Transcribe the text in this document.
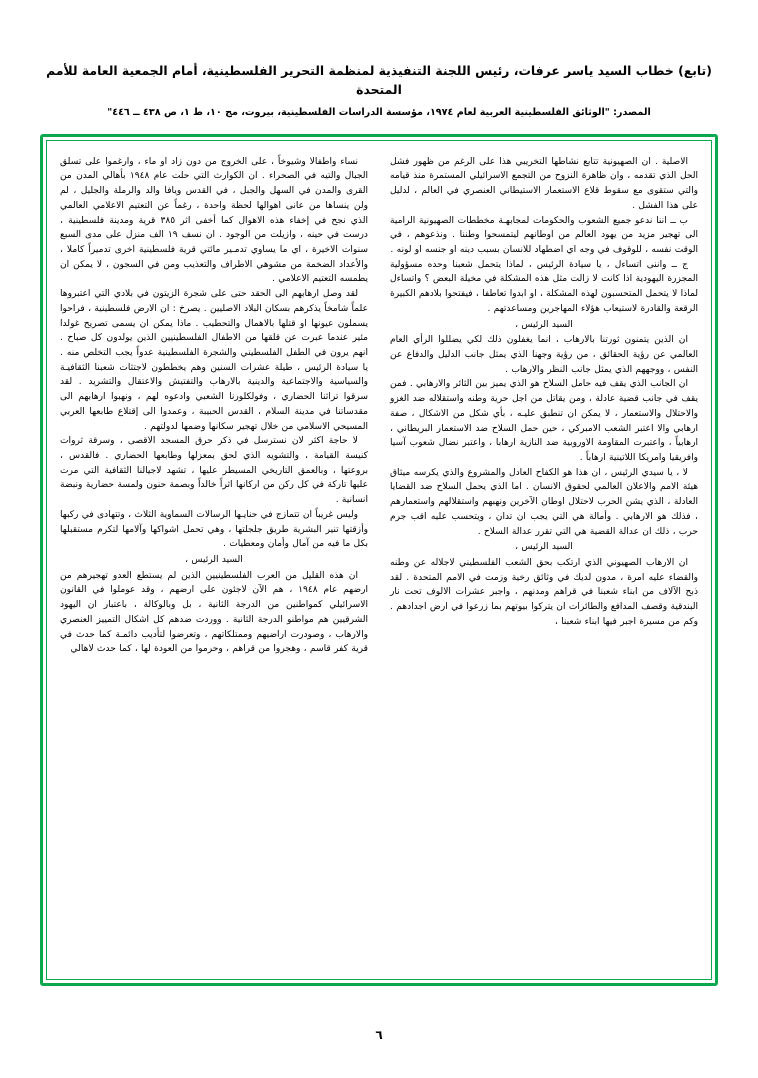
(تابع) خطاب السيد ياسر عرفات، رئيس اللجنة التنفيذية لمنظمة التحرير الفلسطينية، أمام الجمعية العامة للأمم المتحدة
المصدر: "الوثائق الفلسطينية العربية لعام ١٩٧٤، مؤسسة الدراسات الفلسطينية، بيروت، مج ١٠، ط ١، ص ٤٣٨ ــ ٤٤٦"

الاصلية . ان الصهيونية تتابع نشاطها التخريبي هذا على الرغم من ظهور فشل الحل الذي تقدمه ، وان ظاهرة النزوح من التجمع الاسرائيلي المستمرة منذ قيامه والتي ستقوى مع سقوط قلاع الاستعمار الاستيطاني العنصري في العالم ، لدليل على هذا الفشل .

ب ــ اننا ندعو جميع الشعوب والحكومات لمجابهـة مخططات الصهيونية الرامية الى تهجير مزيد من يهود العالم من اوطانهم ليتمسحوا وطننا . ونذعوهم ، في الوقت نفسه ، للوقوف في وجه اي اضطهاد للانسان بسبب دينه او جنسه او لونه .

ج ــ واننى اتساءل ، يا سيادة الرئيس ، لماذا يتحمل شعبنا وحده مسؤولية المجزرة اليهودية اذا كانت لا زالت مثل هذه المشكلة في مخيلة البعض ؟ واتساءل لماذا لا يتحمل المتحسبون لهذه المشكلة ، او ابدوا تعاطفا ، فيفتحوا بلادهم الكبيرة الرقعة والقادرة لاستيعاب هؤلاء المهاجرين ومساعدتهم .

السيد الرئيس ،

ان الذين يتمنون ثورتنا بالارهاب ، انما يغفلون ذلك لكي يضللوا الرأي العام العالمي عن رؤية الحقائق ، من رؤية وجهنا الذي يمثل جانب الدليل والدفاع عن النفس ، ووجههم الذي يمثل جانب النظر والارهاب .

ان الجانب الذي يقف فيه حامل السلاح هو الذي يميز بين الثائر والارهابي . فمن يقف في جانب قضية عادلة ، ومن يقاتل من اجل حرية وطنه واستقلاله ضد الغزو والاحتلال والاستعمار ، لا يمكن ان تنطبق عليـه ، بأي شكل من الاشكال ، صفة ارهابي والا اعتبر الشعب الامبركي ، حين حمل السلاح ضد الاستعمار البريطاني ، ارهابياً ، واعتبرت المقاومة الاوروبية ضد النازية ارهابا ، واعتبر نضال شعوب آسيا وافريقيا وامريكا اللاتينية ارهاباً .

لا ، يا سيدي الرئيس ، ان هذا هو الكفاح العادل والمشروع والذي يكرسه ميثاق هيئة الامم والاعلان العالمي لحقوق الانسان . اما الذي يحمل السلاح ضد القضايا العادلة ، الذي يشن الحرب لاحتلال اوطان الآخرين ونهبهم واستقلالهم واستعمارهم ، فذلك هو الارهابي . وأمالة هي التي يجب ان تدان ، ويتحسب عليه اقب جرم حرب ، ذلك ان عدالة القضية هي التي تقرر عدالة السلاح .

السيد الرئيس ،

ان الارهاب الصهيوني الذي ارتكب بحق الشعب الفلسطيني لاجلاله عن وطنه والقضاء عليه امرة ، مدون لديك في وثائق رخية وزمت في الامم المتحدة . لقد ذبح الآلاف من ابناء شعبنا في قراهم ومدنهم ، واجبر عشرات الالوف تحت نار البندقية وقصف المدافع والطائرات ان يتركوا بيوتهم بما زرعوا في ارض اجدادهم . وكم من مسيرة اجبر فيها ابناء شعبنا ،

نساء واطفالا وشيوخاً ، على الخروج من دون زاد او ماء ، وارغموا على تسلق الجبال والتيه في الصحراء . ان الكوارث التي حلت عام ١٩٤٨ بأهالي المدن من القرى والمدن في السهل والجبل ، في القدس ويافا والد والرملة والجليل ، لم ولن ينساها من عانى اهوالها لحظة واحدة ، رغماً عن التعتيم الاعلامي العالمي الذي نجح في إخفاء هذه الاهوال كما أخفى اثر ٣٨٥ قرية ومدينة فلسطينية ، درست في حينه ، وازيلت من الوجود . ان نسف ١٩ الف منزل على مدى السبع سنوات الاخيرة ، اي ما يساوي تدمـير مائتي قرية فلسطينية اخرى تدميراً كاملا ، والأعداد الضخمة من مشوهي الاطراف والتعذيب ومن في السجون ، لا يمكن ان يطمسه التعتيم الاعلامي .

لقد وصل ارهابهم الى الحقد حتى على شجرة الزيتون في بلادي التي اعتبروها علماً شامخاً يذكرهم بسكان البلاد الاصليين . يصرخ : ان الارض فلسطينية ، فراحوا يسملون عيونها او قتلها بالاهمال والتحطيب . ماذا يمكن ان يسمى تصريح غولدا مئير عندما عبرت عن قلقها من الاطفال الفلسطينيين الذين يولدون كل صباح . انهم يرون في الطفل الفلسطيني والشجرة الفلسطينية عدواً يجب التخلص منه . يا سيادة الرئيس ، طيلة عشرات السنين وهم يخططون لاجتثات شعبنا الثقافيـة والسياسية والاجتماعية والدينية بالارهاب والتفتيش والاعتقال والتشريد . لقد سرقوا تراثنا الحضاري ، وفولكلورنا الشعبي وادعوه لهم ، ونهبوا ارهابهم الى مقدساتنا في مدينة السلام ، القدس الحبيبة ، وعمدوا الى إقتلاع طابعها العربي المسيحي الاسلامي من خلال تهجير سكانها وضمها لدولتهم .

لا حاجة اكثر لان نسترسل في ذكر حرق المسجد الاقصى ، وسرقة ثروات كنيسة القيامة ، والتشويه الذي لحق بمعزلها وطابعها الحضاري . فالقدس ، بروعتها ، وبالعمق التاريخي المسيطر عليها ، تشهد لاجيالنا الثقافية التي مرت عليها تاركة في كل ركن من اركانها اثراً خالداً وبصمة حنون ولمسة حضارية ونبضة انسانية .

وليس غريباً ان تتمازج في حنايـها الرسالات السماوية الثلاث ، وتتهادى في ركبها وأزقتها تنير البشرية طريق جلجلتها ، وهي تحمل اشواكها وآلامها لتكرم مستقبلها بكل ما فيه من آمال وأمان ومعطيات .

السيد الرئيس ،

ان هذه القليل من العرب الفلسطينيين الذين لم يستطع العدو تهجيرهم من ارضهم عام ١٩٤٨ ، هم الآن لاجئون على ارضهم ، وقد عوملوا في القانون الاسرائيلي كمواطنين من الدرجة الثانية ، بل وبالوكالة ، باعتبار ان اليهود الشرقيين هم مواطنو الدرجة الثانية . ووردت ضدهم كل اشكال التمييز العنصري والارهاب ، وصودرت اراضيهم وممتلكاتهم ، وتعرضوا لتأديب دائمـة كما حدث في قرية كفر قاسم ، وهجروا من قراهم ، وحرموا من العودة لها ، كما حدث لاهالي

٦
